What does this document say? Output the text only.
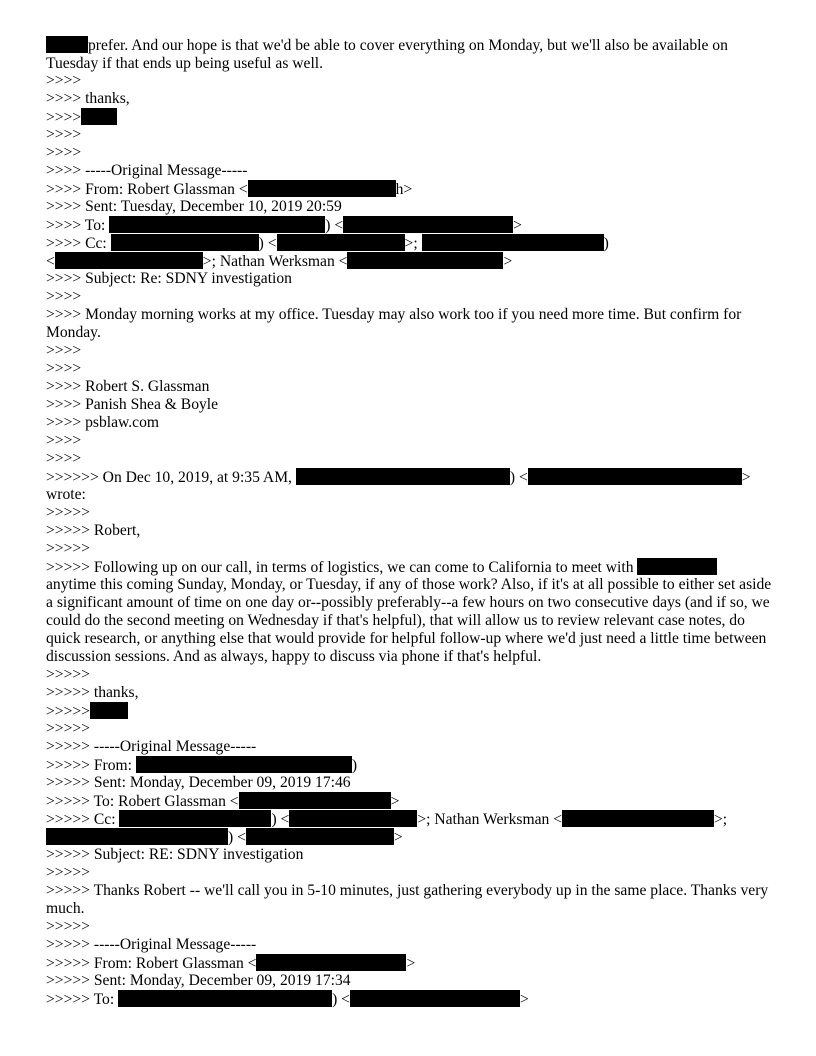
prefer. And our hope is that we'd be able to cover everything on Monday, but we'll also be available on Tuesday if that ends up being useful as well.
>>>>
>>>> thanks,
>>>>
>>>>
>>>>
>>>> -----Original Message-----
>>>> From: Robert Glassman <	h>
>>>> Sent: Tuesday, December 10, 2019 20:59
>>>> To:	) <	>
>>>> Cc:	) <	>;	)
<	>; Nathan Werksman <	>
>>>> Subject: Re: SDNY investigation
>>>>
>>>> Monday morning works at my office. Tuesday may also work too if you need more time. But confirm for Monday.
>>>>
>>>>
>>>> Robert S. Glassman
>>>> Panish Shea & Boyle
>>>> psblaw.com
>>>>
>>>>
>>>>>> On Dec 10, 2019, at 9:35 AM,	) <	>
wrote:
>>>>>
>>>>> Robert,
>>>>>
>>>>> Following up on our call, in terms of logistics, we can come to California to meet with
anytime this coming Sunday, Monday, or Tuesday, if any of those work? Also, if it's at all possible to either set aside a significant amount of time on one day or--possibly preferably--a few hours on two consecutive days (and if so, we could do the second meeting on Wednesday if that's helpful), that will allow us to review relevant case notes, do quick research, or anything else that would provide for helpful follow-up where we'd just need a little time between discussion sessions. And as always, happy to discuss via phone if that's helpful.
>>>>>
>>>>> thanks,
>>>>>
>>>>>
>>>>> -----Original Message-----
>>>>> From:	)
>>>>> Sent: Monday, December 09, 2019 17:46
>>>>> To: Robert Glassman <	>
>>>>> Cc:	) <	>; Nathan Werksman <	>;
) <	>
>>>>> Subject: RE: SDNY investigation
>>>>>
>>>>> Thanks Robert -- we'll call you in 5-10 minutes, just gathering everybody up in the same place. Thanks very much.
>>>>>
>>>>> -----Original Message-----
>>>>> From: Robert Glassman <	>
>>>>> Sent: Monday, December 09, 2019 17:34
>>>>> To:	) <	>
